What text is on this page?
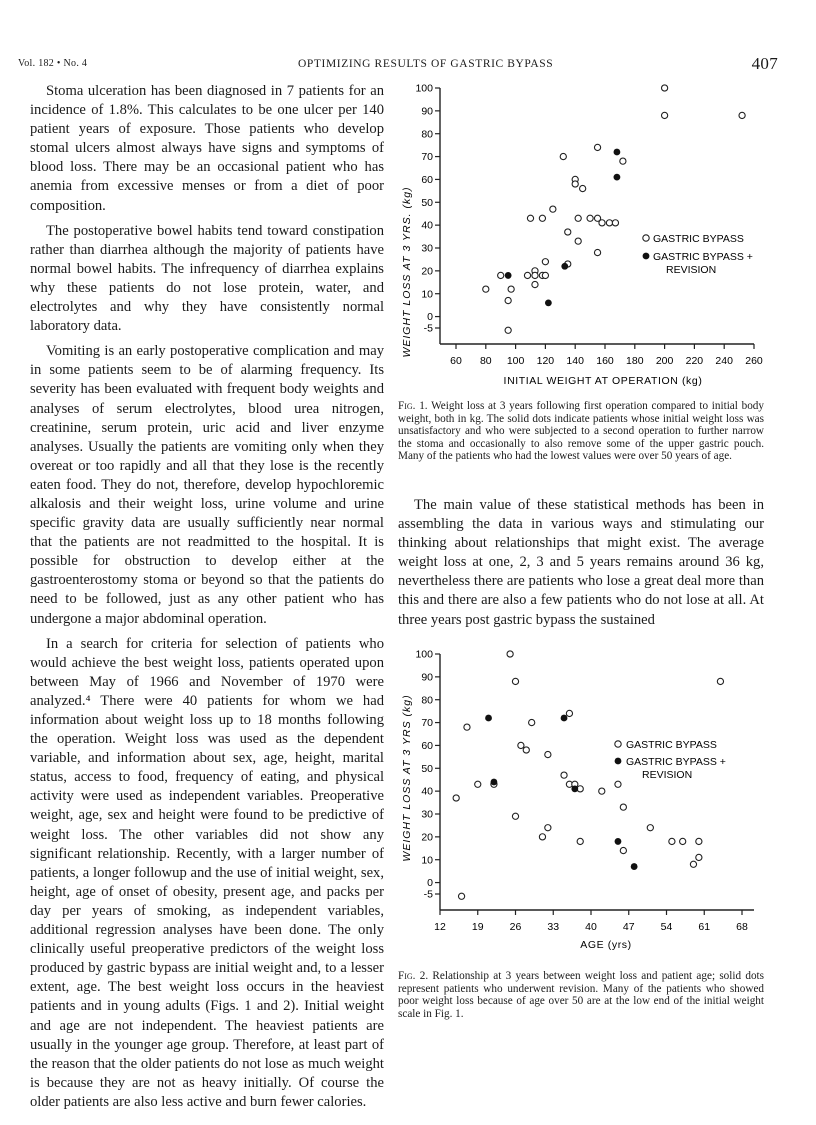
Vol. 182 • No. 4	OPTIMIZING RESULTS OF GASTRIC BYPASS	407

Stoma ulceration has been diagnosed in 7 patients for an incidence of 1.8%. This calculates to be one ulcer per 140 patient years of exposure. Those patients who develop stomal ulcers almost always have signs and symptoms of blood loss. There may be an occasional patient who has anemia from excessive menses or from a diet of poor composition.

The postoperative bowel habits tend toward constipation rather than diarrhea although the majority of patients have normal bowel habits. The infrequency of diarrhea explains why these patients do not lose protein, water, and electrolytes and why they have consistently normal laboratory data.

Vomiting is an early postoperative complication and may in some patients seem to be of alarming frequency. Its severity has been evaluated with frequent body weights and analyses of serum electrolytes, blood urea nitrogen, creatinine, serum protein, uric acid and liver enzyme analyses. Usually the patients are vomiting only when they overeat or too rapidly and all that they lose is the recently eaten food. They do not, therefore, develop hypochloremic alkalosis and their weight loss, urine volume and urine specific gravity data are usually sufficiently near normal that the patients are not readmitted to the hospital. It is possible for obstruction to develop either at the gastroenterostomy stoma or beyond so that the patients do need to be followed, just as any other patient who has undergone a major abdominal operation.

In a search for criteria for selection of patients who would achieve the best weight loss, patients operated upon between May of 1966 and November of 1970 were analyzed.⁴ There were 40 patients for whom we had information about weight loss up to 18 months following the operation. Weight loss was used as the dependent variable, and information about sex, age, height, marital status, access to food, frequency of eating, and physical activity were used as independent variables. Preoperative weight, age, sex and height were found to be predictive of weight loss. The other variables did not show any significant relationship. Recently, with a larger number of patients, a longer followup and the use of initial weight, sex, height, age of onset of obesity, present age, and packs per day per years of smoking, as independent variables, additional regression analyses have been done. The only clinically useful preoperative predictors of the weight loss produced by gastric bypass are initial weight and, to a lesser extent, age. The best weight loss occurs in the heaviest patients and in young adults (Figs. 1 and 2). Initial weight and age are not independent. The heaviest patients are usually in the younger age group. Therefore, at least part of the reason that the older patients do not lose as much weight is because they are not as heavy initially. Of course the older patients are also less active and burn fewer calories.

-5
0
10
20
30
40
50
60
70
80
90
100
60 80 100 120 140 160 180 200 220 240 260
WEIGHT LOSS AT 3 YRS. (kg)
INITIAL WEIGHT AT OPERATION (kg)
GASTRIC BYPASS
GASTRIC BYPASS +
REVISION
Fig. 1. Weight loss at 3 years following first operation compared to initial body weight, both in kg. The solid dots indicate patients whose initial weight loss was unsatisfactory and who were subjected to a second operation to further narrow the stoma and occasionally to also remove some of the upper gastric pouch. Many of the patients who had the lowest values were over 50 years of age.

The main value of these statistical methods has been in assembling the data in various ways and stimulating our thinking about relationships that might exist. The average weight loss at one, 2, 3 and 5 years remains around 36 kg, nevertheless there are patients who lose a great deal more than this and there are also a few patients who do not lose at all. At three years post gastric bypass the sustained

-5
0
10
20
30
40
50
60
70
80
90
100
12 19 26 33 40 47 54 61 68
WEIGHT LOSS AT 3 YRS (kg)
AGE (yrs)
GASTRIC BYPASS
GASTRIC BYPASS +
REVISION
Fig. 2. Relationship at 3 years between weight loss and patient age; solid dots represent patients who underwent revision. Many of the patients who showed poor weight loss because of age over 50 are at the low end of the initial weight scale in Fig. 1.
